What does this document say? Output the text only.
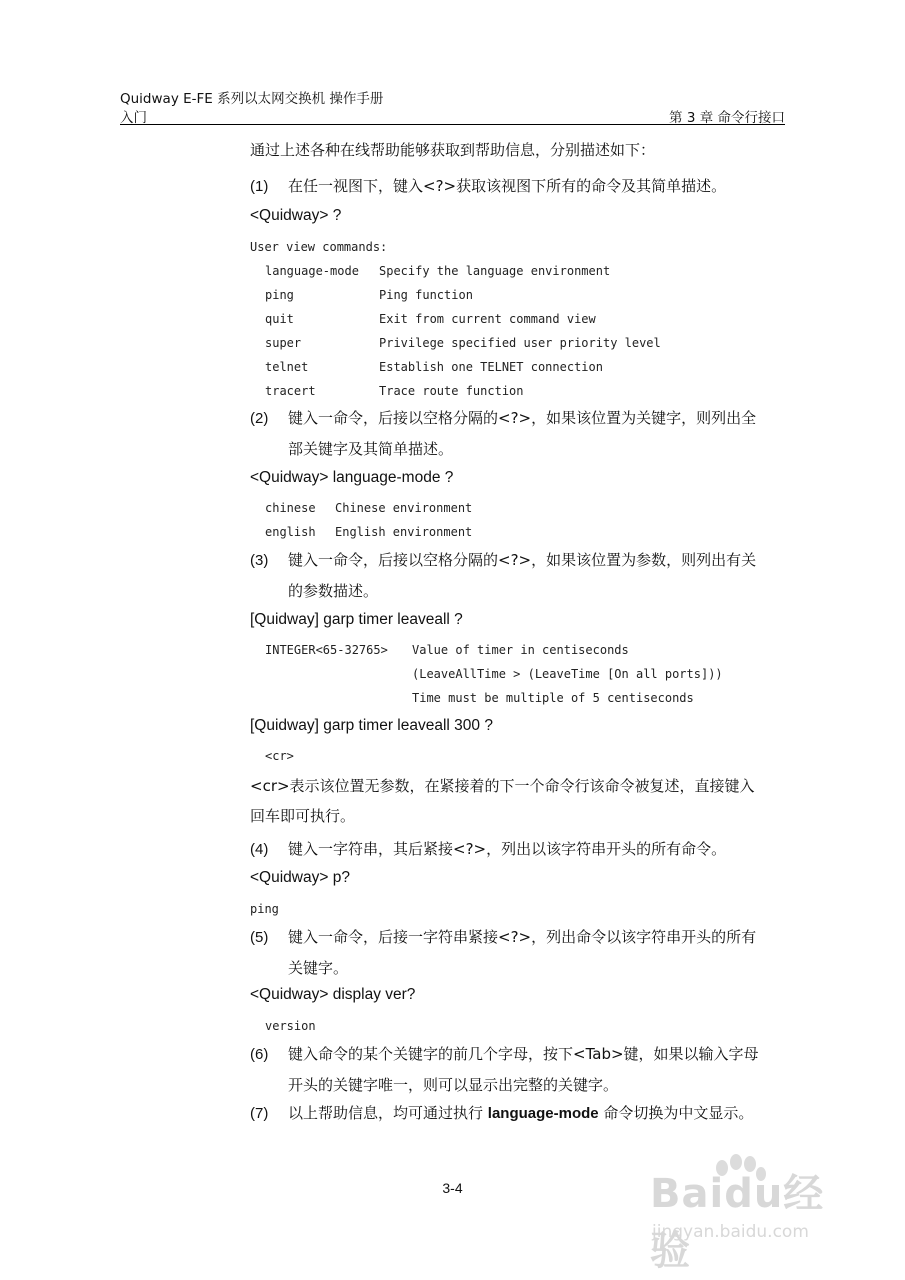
Quidway E-FE 系列以太网交换机 操作手册
入门	第 3 章 命令行接口
通过上述各种在线帮助能够获取到帮助信息，分别描述如下：
(1) 在任一视图下，键入<?>获取该视图下所有的命令及其简单描述。
<Quidway> ?
User view commands:
language-mode Specify the language environment
ping	Ping function
quit	Exit from current command view
super	Privilege specified user priority level
telnet	Establish one TELNET connection
tracert	Trace route function
(2) 键入一命令，后接以空格分隔的<?>，如果该位置为关键字，则列出全
部关键字及其简单描述。
<Quidway> language-mode ?
chinese Chinese environment
english English environment
(3) 键入一命令，后接以空格分隔的<?>，如果该位置为参数，则列出有关
的参数描述。
[Quidway] garp timer leaveall ?
INTEGER<65-32765> Value of timer in centiseconds
(LeaveAllTime > (LeaveTime [On all ports]))
Time must be multiple of 5 centiseconds
[Quidway] garp timer leaveall 300 ?
<cr>
<cr>表示该位置无参数，在紧接着的下一个命令行该命令被复述，直接键入
回车即可执行。
(4) 键入一字符串，其后紧接<?>，列出以该字符串开头的所有命令。
<Quidway> p?
ping
(5) 键入一命令，后接一字符串紧接<?>，列出命令以该字符串开头的所有
关键字。
<Quidway> display ver?
version
(6) 键入命令的某个关键字的前几个字母，按下<Tab>键，如果以输入字母
开头的关键字唯一，则可以显示出完整的关键字。
(7) 以上帮助信息，均可通过执行 language-mode 命令切换为中文显示。
3-4	Baidu经验
jingyan.baidu.com
